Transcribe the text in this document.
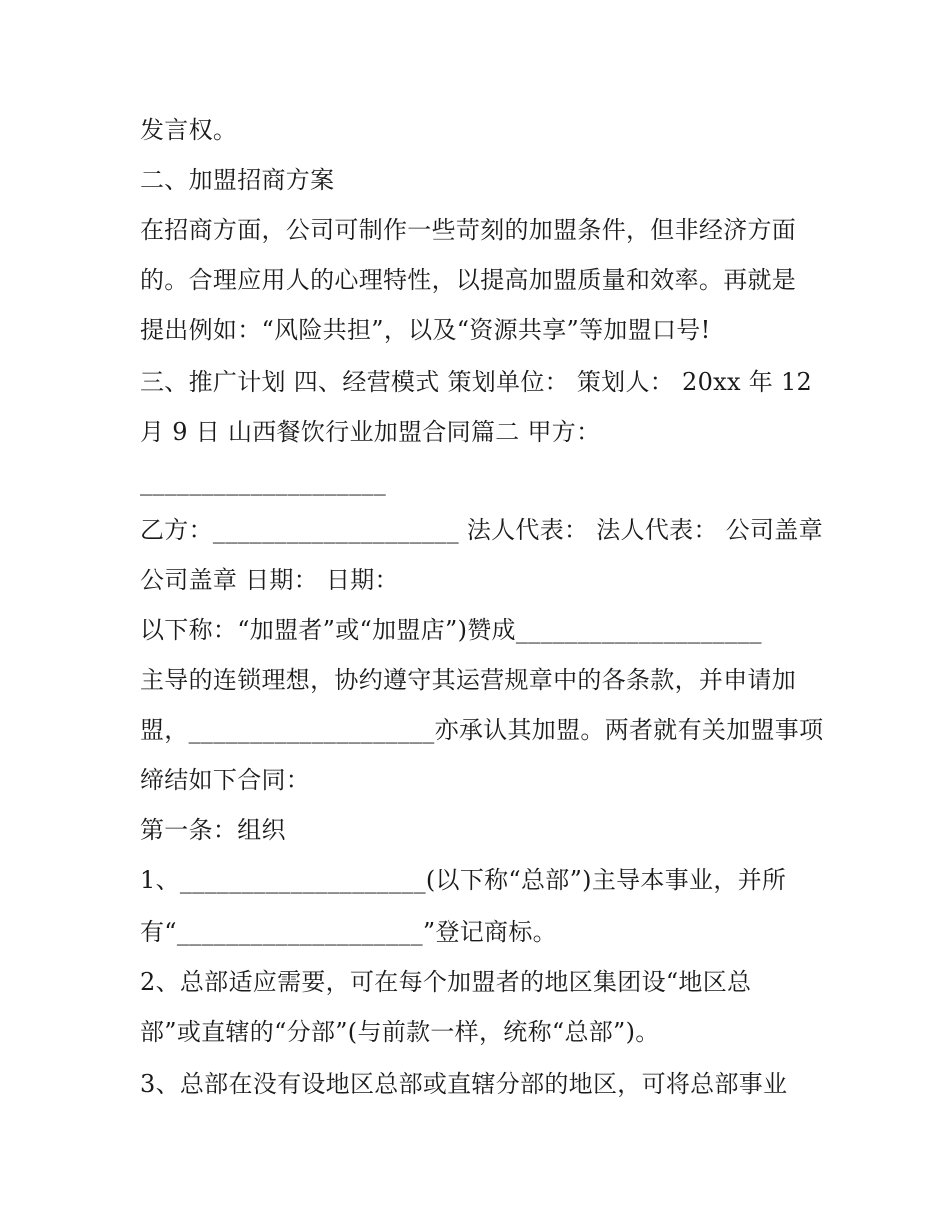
发言权。
二、加盟招商方案
在招商方面，公司可制作一些苛刻的加盟条件，但非经济方面
的。合理应用人的心理特性，以提高加盟质量和效率。再就是
提出例如：“风险共担”，以及“资源共享”等加盟口号!
三、推广计划 四、经营模式 策划单位： 策划人： 20xx 年 12
月 9 日 山西餐饮行业加盟合同篇二 甲方：
____________________
乙方：____________________ 法人代表： 法人代表： 公司盖章
公司盖章 日期： 日期：
以下称：“加盟者”或“加盟店”)赞成____________________
主导的连锁理想，协约遵守其运营规章中的各条款，并申请加
盟，____________________亦承认其加盟。两者就有关加盟事项
缔结如下合同：
第一条：组织
1、____________________(以下称“总部”)主导本事业，并所
有“____________________”登记商标。
2、总部适应需要，可在每个加盟者的地区集团设“地区总
部”或直辖的“分部”(与前款一样，统称“总部”)。
3、总部在没有设地区总部或直辖分部的地区，可将总部事业
